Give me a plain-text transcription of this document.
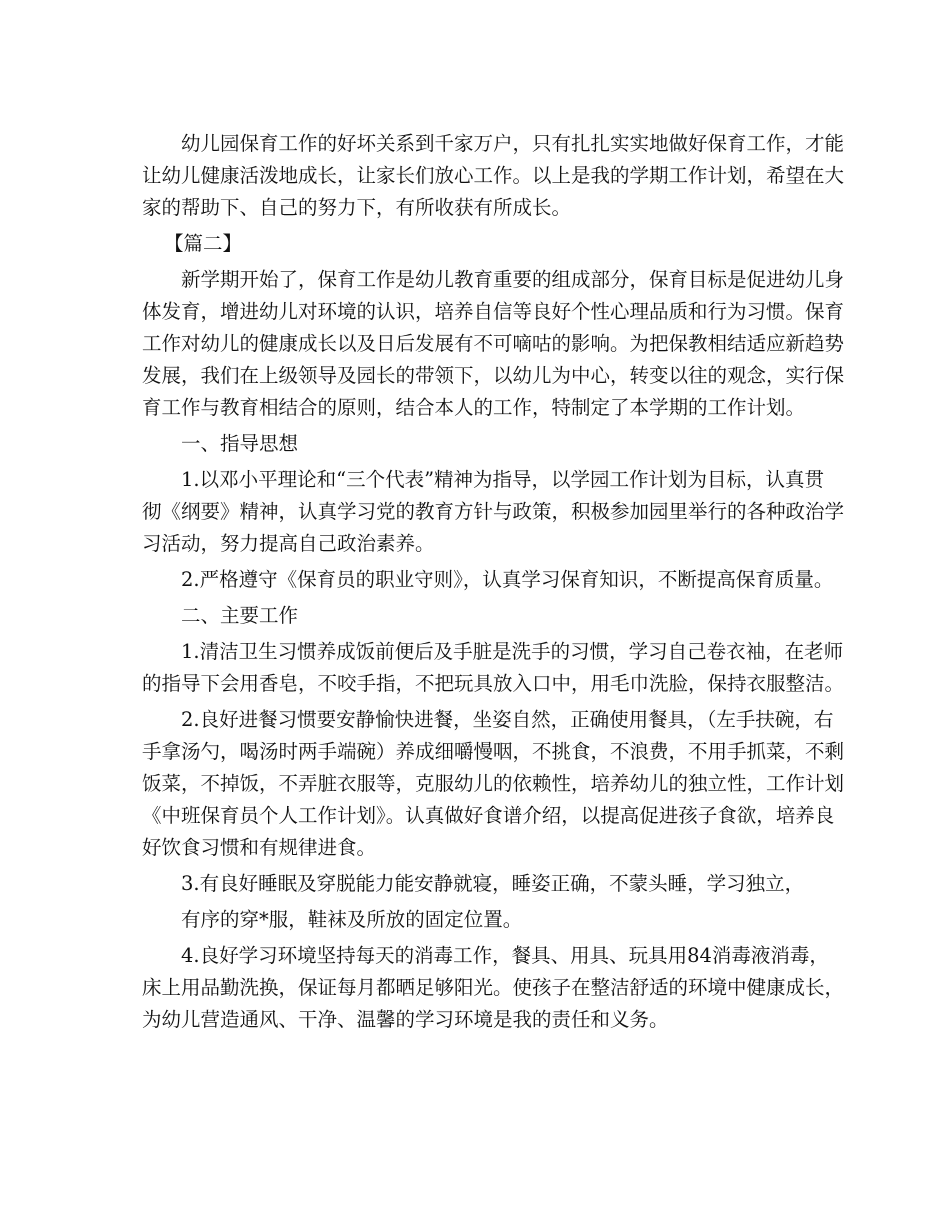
幼儿园保育工作的好坏关系到千家万户，只有扎扎实实地做好保育工作，才能
让幼儿健康活泼地成长，让家长们放心工作。以上是我的学期工作计划，希望在大
家的帮助下、自己的努力下，有所收获有所成长。
【篇二】
新学期开始了，保育工作是幼儿教育重要的组成部分，保育目标是促进幼儿身
体发育，增进幼儿对环境的认识，培养自信等良好个性心理品质和行为习惯。保育
工作对幼儿的健康成长以及日后发展有不可嘀咕的影响。为把保教相结适应新趋势
发展，我们在上级领导及园长的带领下，以幼儿为中心，转变以往的观念，实行保
育工作与教育相结合的原则，结合本人的工作，特制定了本学期的工作计划。
一、指导思想
1.以邓小平理论和“三个代表”精神为指导，以学园工作计划为目标，认真贯
彻《纲要》精神，认真学习党的教育方针与政策，积极参加园里举行的各种政治学
习活动，努力提高自己政治素养。
2.严格遵守《保育员的职业守则》，认真学习保育知识，不断提高保育质量。
二、主要工作
1.清洁卫生习惯养成饭前便后及手脏是洗手的习惯，学习自己卷衣袖，在老师
的指导下会用香皂，不咬手指，不把玩具放入口中，用毛巾洗脸，保持衣服整洁。
2.良好进餐习惯要安静愉快进餐，坐姿自然，正确使用餐具，（左手扶碗，右
手拿汤勺，喝汤时两手端碗）养成细嚼慢咽，不挑食，不浪费，不用手抓菜，不剩
饭菜，不掉饭，不弄脏衣服等，克服幼儿的依赖性，培养幼儿的独立性，工作计划
《中班保育员个人工作计划》。认真做好食谱介绍，以提高促进孩子食欲，培养良
好饮食习惯和有规律进食。
3.有良好睡眠及穿脱能力能安静就寝，睡姿正确，不蒙头睡，学习独立，
有序的穿*服，鞋袜及所放的固定位置。
4.良好学习环境坚持每天的消毒工作，餐具、用具、玩具用84消毒液消毒，
床上用品勤洗换，保证每月都晒足够阳光。使孩子在整洁舒适的环境中健康成长，
为幼儿营造通风、干净、温馨的学习环境是我的责任和义务。
